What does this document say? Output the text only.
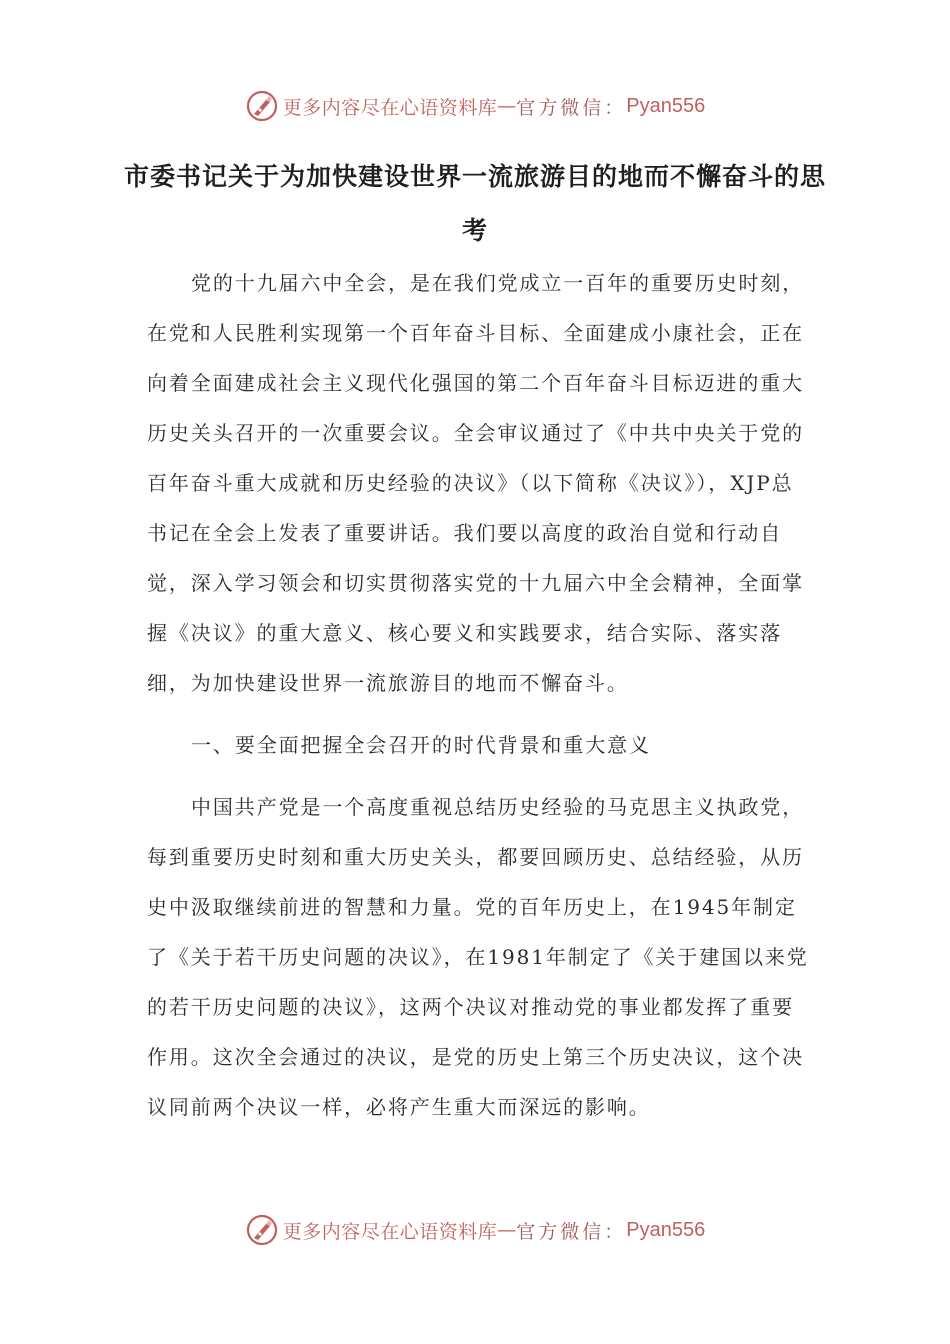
更多内容尽在心语资料库 — 官方微信： Pyan556
市委书记关于为加快建设世界一流旅游目的地而不懈奋斗的思考

党的十九届六中全会，是在我们党成立一百年的重要历史时刻，在党和人民胜利实现第一个百年奋斗目标、全面建成小康社会，正在向着全面建成社会主义现代化强国的第二个百年奋斗目标迈进的重大历史关头召开的一次重要会议。全会审议通过了《中共中央关于党的百年奋斗重大成就和历史经验的决议》（以下简称《决议》），XJP总书记在全会上发表了重要讲话。我们要以高度的政治自觉和行动自觉，深入学习领会和切实贯彻落实党的十九届六中全会精神，全面掌握《决议》的重大意义、核心要义和实践要求，结合实际、落实落细，为加快建设世界一流旅游目的地而不懈奋斗。

一、要全面把握全会召开的时代背景和重大意义

中国共产党是一个高度重视总结历史经验的马克思主义执政党，每到重要历史时刻和重大历史关头，都要回顾历史、总结经验，从历史中汲取继续前进的智慧和力量。党的百年历史上，在1945年制定了《关于若干历史问题的决议》，在1981年制定了《关于建国以来党的若干历史问题的决议》，这两个决议对推动党的事业都发挥了重要作用。这次全会通过的决议，是党的历史上第三个历史决议，这个决议同前两个决议一样，必将产生重大而深远的影响。

更多内容尽在心语资料库 — 官方微信： Pyan556
